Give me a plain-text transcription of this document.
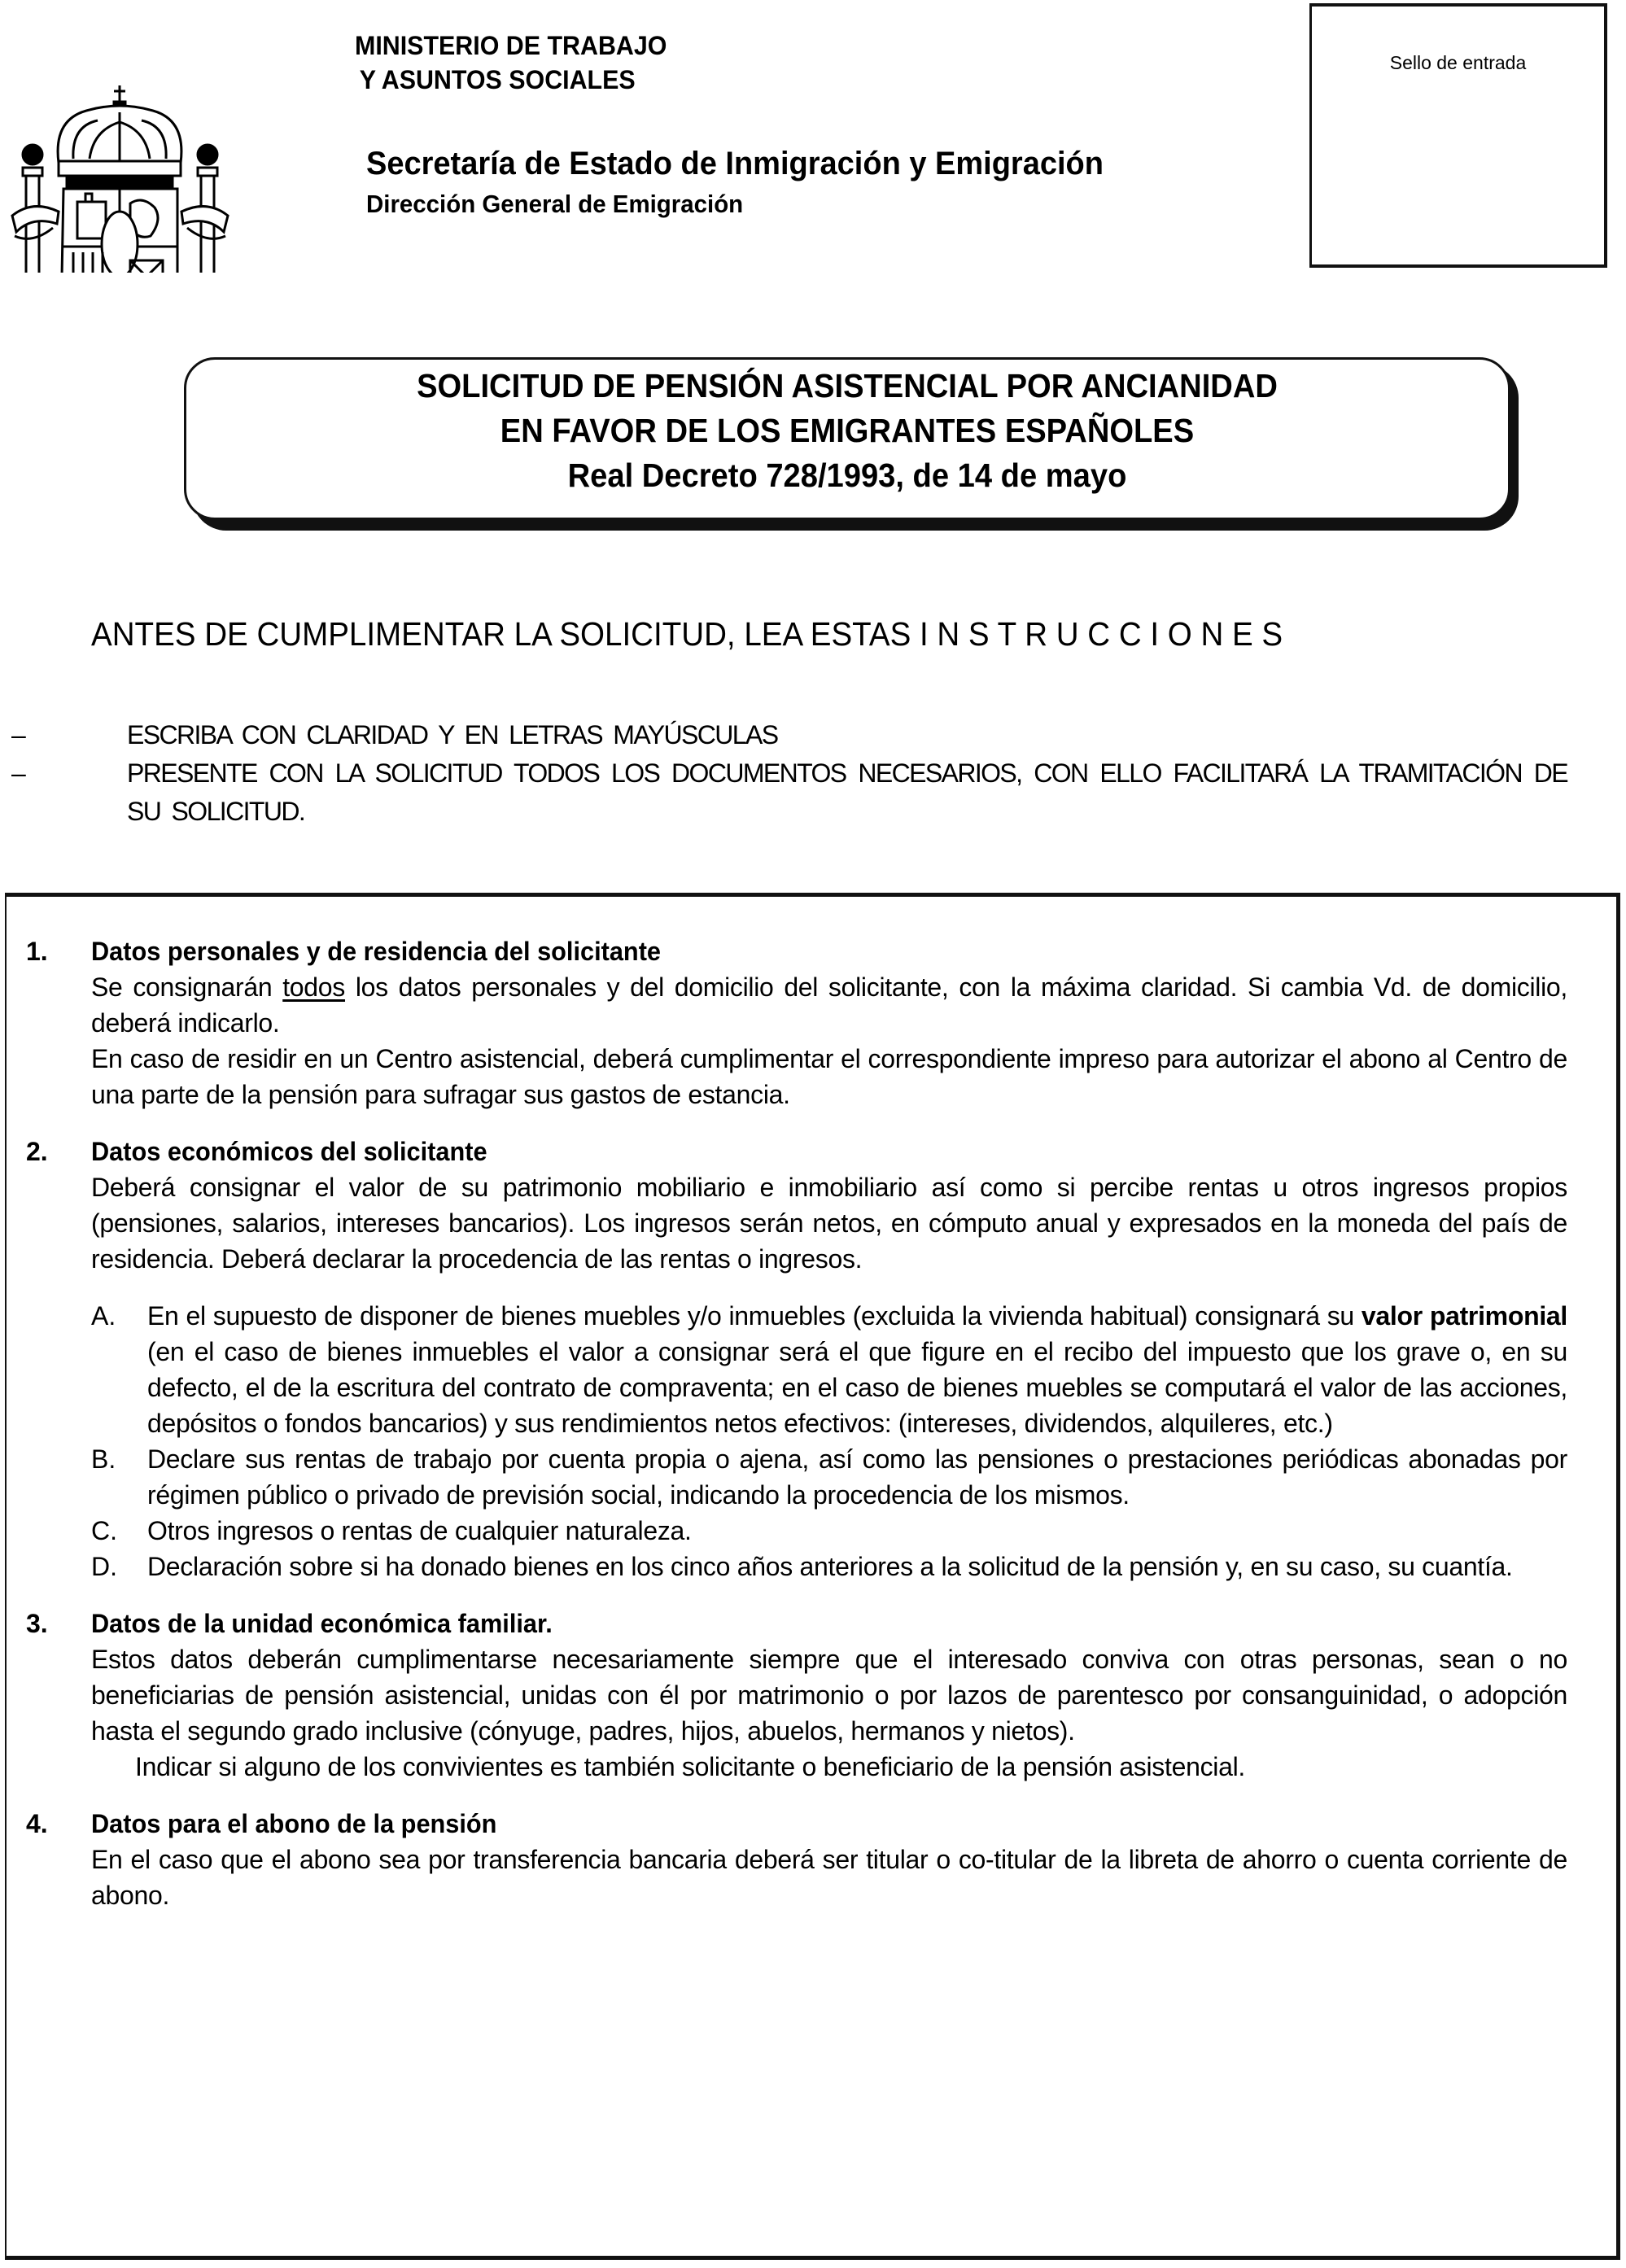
MINISTERIO DE TRABAJO
Y ASUNTOS SOCIALES
Secretaría de Estado de Inmigración y Emigración
Dirección General de Emigración
Sello de entrada
SOLICITUD DE PENSIÓN ASISTENCIAL POR ANCIANIDAD
EN FAVOR DE LOS EMIGRANTES ESPAÑOLES
Real Decreto 728/1993, de 14 de mayo
ANTES DE CUMPLIMENTAR LA SOLICITUD, LEA ESTAS I N S T R U C C I O N E S
–	ESCRIBA CON CLARIDAD Y EN LETRAS MAYÚSCULAS
–	PRESENTE CON LA SOLICITUD TODOS LOS DOCUMENTOS NECESARIOS, CON ELLO FACILITARÁ LA TRAMITACIÓN DE SU SOLICITUD.
1. Datos personales y de residencia del solicitante
Se consignarán todos los datos personales y del domicilio del solicitante, con la máxima claridad. Si cambia Vd. de domicilio, deberá indicarlo.
En caso de residir en un Centro asistencial, deberá cumplimentar el correspondiente impreso para autorizar el abono al Centro de una parte de la pensión para sufragar sus gastos de estancia.
2. Datos económicos del solicitante
Deberá consignar el valor de su patrimonio mobiliario e inmobiliario así como si percibe rentas u otros ingresos propios (pensiones, salarios, intereses bancarios). Los ingresos serán netos, en cómputo anual y expresados en la moneda del país de residencia. Deberá declarar la procedencia de las rentas o ingresos.
A. En el supuesto de disponer de bienes muebles y/o inmuebles (excluida la vivienda habitual) consignará su valor patrimonial (en el caso de bienes inmuebles el valor a consignar será el que figure en el recibo del impuesto que los grave o, en su defecto, el de la escritura del contrato de compraventa; en el caso de bienes muebles se computará el valor de las acciones, depósitos o fondos bancarios) y sus rendimientos netos efectivos: (intereses, dividendos, alquileres, etc.)
B. Declare sus rentas de trabajo por cuenta propia o ajena, así como las pensiones o prestaciones periódicas abonadas por régimen público o privado de previsión social, indicando la procedencia de los mismos.
C. Otros ingresos o rentas de cualquier naturaleza.
D. Declaración sobre si ha donado bienes en los cinco años anteriores a la solicitud de la pensión y, en su caso, su cuantía.
3. Datos de la unidad económica familiar.
Estos datos deberán cumplimentarse necesariamente siempre que el interesado conviva con otras personas, sean o no beneficiarias de pensión asistencial, unidas con él por matrimonio o por lazos de parentesco por consanguinidad, o adopción hasta el segundo grado inclusive (cónyuge, padres, hijos, abuelos, hermanos y nietos).
Indicar si alguno de los convivientes es también solicitante o beneficiario de la pensión asistencial.
4. Datos para el abono de la pensión
En el caso que el abono sea por transferencia bancaria deberá ser titular o co-titular de la libreta de ahorro o cuenta corriente de abono.
